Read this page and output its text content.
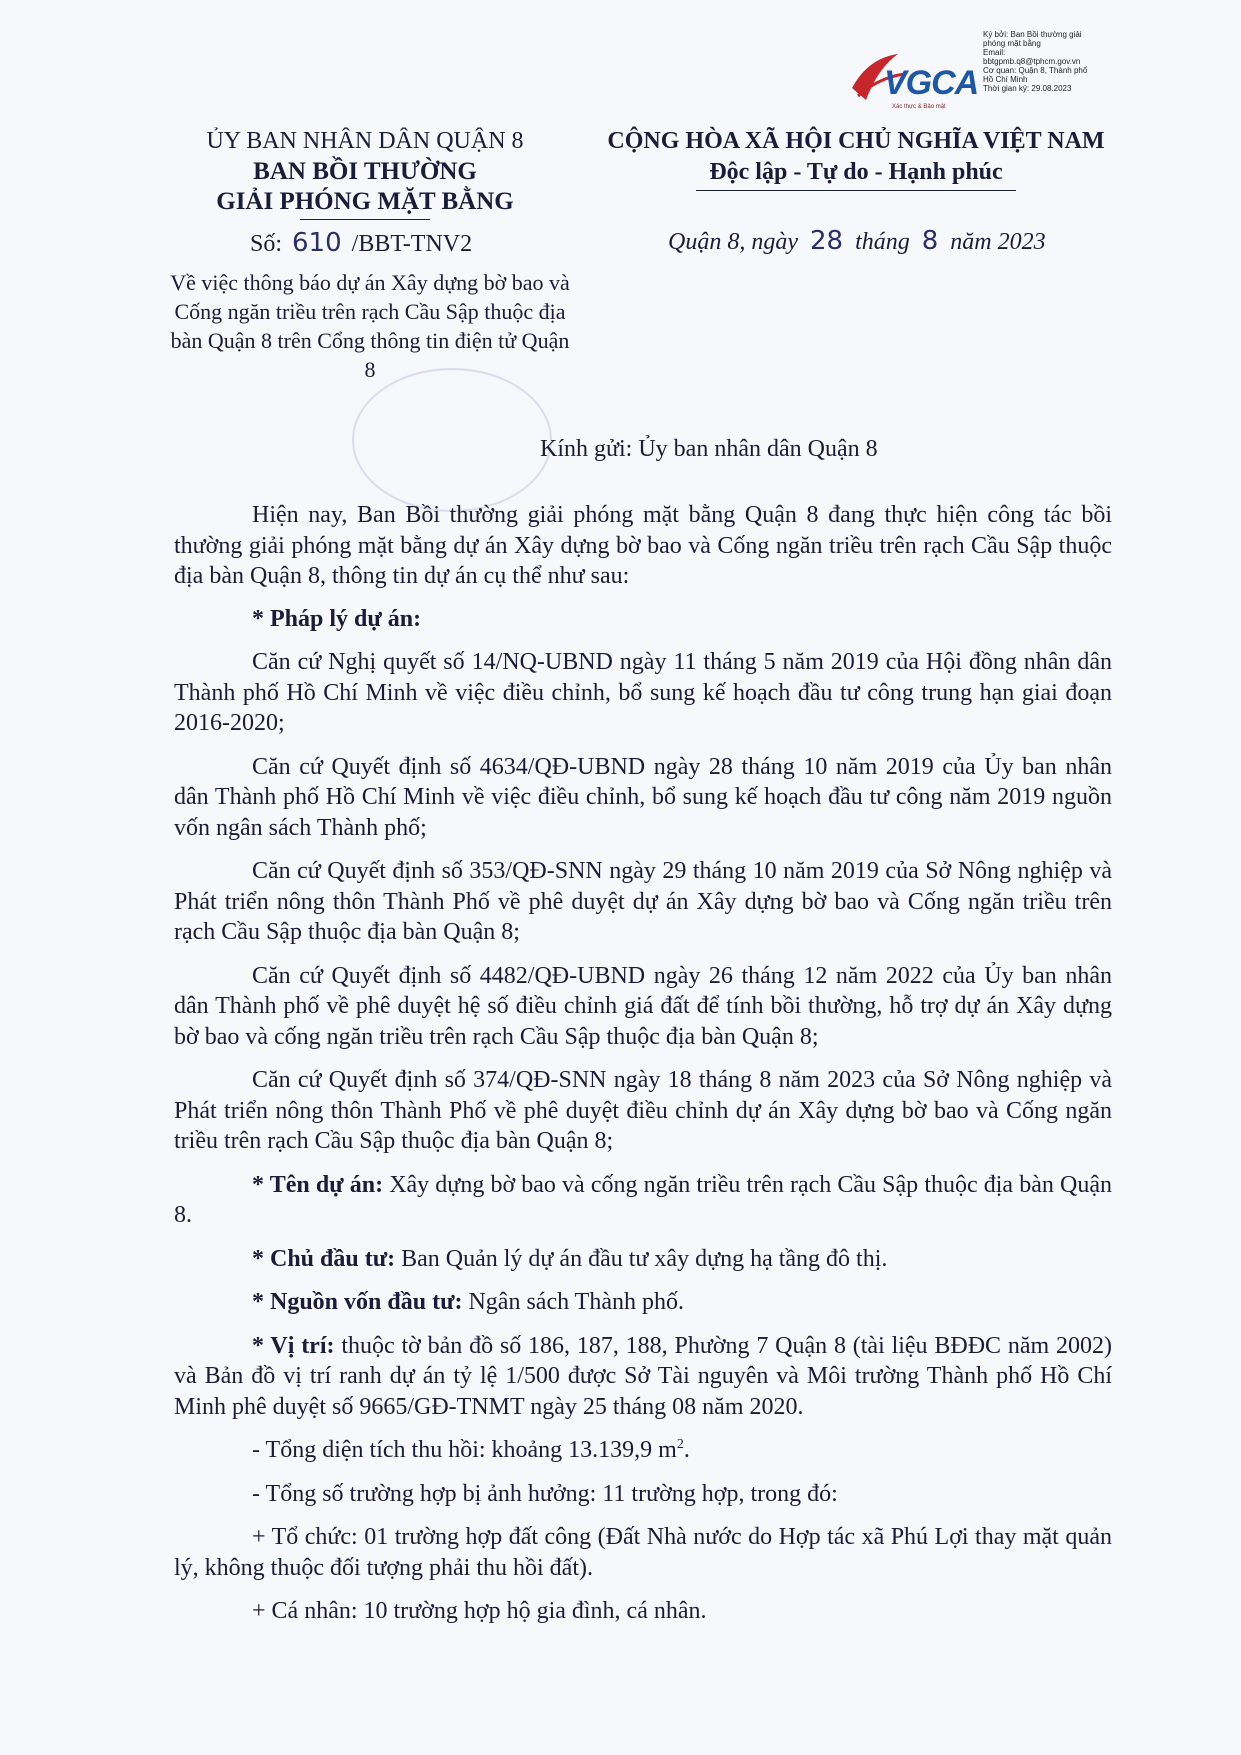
VGCA
Xác thực & Bảo mật
Ký bởi: Ban Bồi thường giải
phóng mặt bằng
Email:
bbtgpmb.q8@tphcm.gov.vn
Cơ quan: Quận 8, Thành phố
Hồ Chí Minh
Thời gian ký: 29.08.2023
ỦY BAN NHÂN DÂN QUẬN 8
BAN BỒI THƯỜNG
GIẢI PHÓNG MẶT BẰNG
Số: 610 /BBT-TNV2
Về việc thông báo dự án Xây dựng bờ bao và Cống ngăn triều trên rạch Cầu Sập thuộc địa bàn Quận 8 trên Cổng thông tin điện tử Quận 8
CỘNG HÒA XÃ HỘI CHỦ NGHĨA VIỆT NAM
Độc lập - Tự do - Hạnh phúc
Quận 8, ngày 28 tháng 8 năm 2023
Kính gửi: Ủy ban nhân dân Quận 8

Hiện nay, Ban Bồi thường giải phóng mặt bằng Quận 8 đang thực hiện công tác bồi thường giải phóng mặt bằng dự án Xây dựng bờ bao và Cống ngăn triều trên rạch Cầu Sập thuộc địa bàn Quận 8, thông tin dự án cụ thể như sau:

* Pháp lý dự án:

Căn cứ Nghị quyết số 14/NQ-UBND ngày 11 tháng 5 năm 2019 của Hội đồng nhân dân Thành phố Hồ Chí Minh về việc điều chỉnh, bổ sung kế hoạch đầu tư công trung hạn giai đoạn 2016-2020;

Căn cứ Quyết định số 4634/QĐ-UBND ngày 28 tháng 10 năm 2019 của Ủy ban nhân dân Thành phố Hồ Chí Minh về việc điều chỉnh, bổ sung kế hoạch đầu tư công năm 2019 nguồn vốn ngân sách Thành phố;

Căn cứ Quyết định số 353/QĐ-SNN ngày 29 tháng 10 năm 2019 của Sở Nông nghiệp và Phát triển nông thôn Thành Phố về phê duyệt dự án Xây dựng bờ bao và Cống ngăn triều trên rạch Cầu Sập thuộc địa bàn Quận 8;

Căn cứ Quyết định số 4482/QĐ-UBND ngày 26 tháng 12 năm 2022 của Ủy ban nhân dân Thành phố về phê duyệt hệ số điều chỉnh giá đất để tính bồi thường, hỗ trợ dự án Xây dựng bờ bao và cống ngăn triều trên rạch Cầu Sập thuộc địa bàn Quận 8;

Căn cứ Quyết định số 374/QĐ-SNN ngày 18 tháng 8 năm 2023 của Sở Nông nghiệp và Phát triển nông thôn Thành Phố về phê duyệt điều chỉnh dự án Xây dựng bờ bao và Cống ngăn triều trên rạch Cầu Sập thuộc địa bàn Quận 8;

* Tên dự án: Xây dựng bờ bao và cống ngăn triều trên rạch Cầu Sập thuộc địa bàn Quận 8.

* Chủ đầu tư: Ban Quản lý dự án đầu tư xây dựng hạ tầng đô thị.

* Nguồn vốn đầu tư: Ngân sách Thành phố.

* Vị trí: thuộc tờ bản đồ số 186, 187, 188, Phường 7 Quận 8 (tài liệu BĐĐC năm 2002) và Bản đồ vị trí ranh dự án tỷ lệ 1/500 được Sở Tài nguyên và Môi trường Thành phố Hồ Chí Minh phê duyệt số 9665/GĐ-TNMT ngày 25 tháng 08 năm 2020.

- Tổng diện tích thu hồi: khoảng 13.139,9 $m^2$.

- Tổng số trường hợp bị ảnh hưởng: 11 trường hợp, trong đó:

+ Tổ chức: 01 trường hợp đất công (Đất Nhà nước do Hợp tác xã Phú Lợi thay mặt quản lý, không thuộc đối tượng phải thu hồi đất).

+ Cá nhân: 10 trường hợp hộ gia đình, cá nhân.
